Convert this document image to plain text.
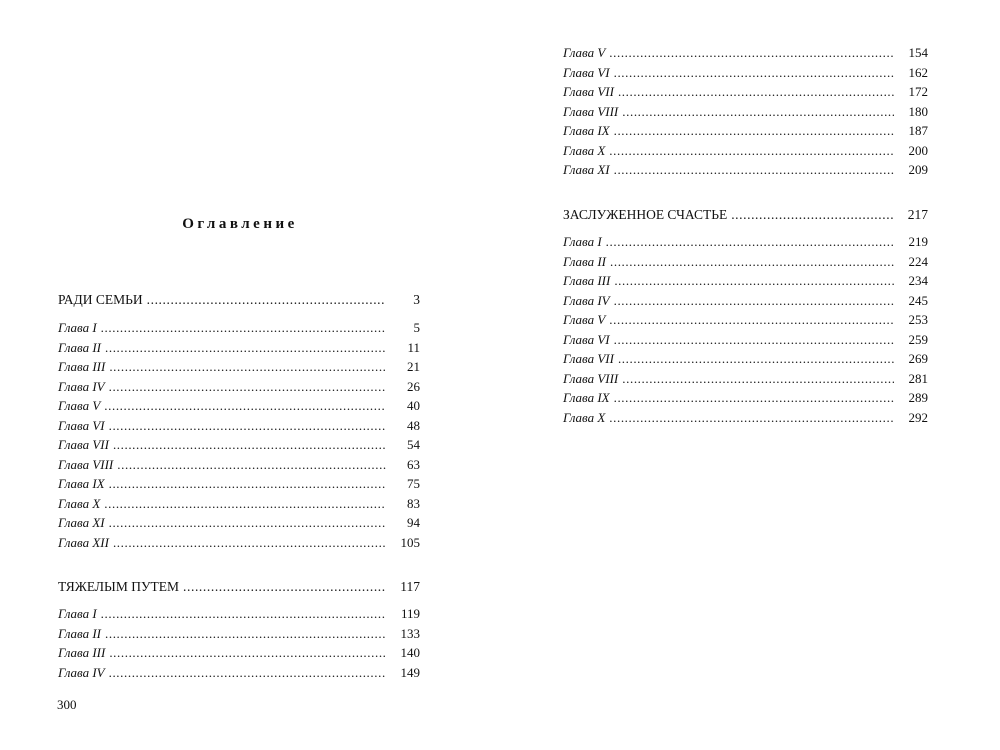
Оглавление
РАДИ СЕМЬИ .....	3
Глава I .....	5
Глава II .....	11
Глава III .....	21
Глава IV .....	26
Глава V .....	40
Глава VI .....	48
Глава VII .....	54
Глава VIII .....	63
Глава IX .....	75
Глава X .....	83
Глава XI .....	94
Глава XII .....	105
ТЯЖЕЛЫМ ПУТЕМ .....	117
Глава I .....	119
Глава II .....	133
Глава III .....	140
Глава IV .....	149
300
Глава V .....	154
Глава VI .....	162
Глава VII .....	172
Глава VIII .....	180
Глава IX .....	187
Глава X .....	200
Глава XI .....	209
ЗАСЛУЖЕННОЕ СЧАСТЬЕ .....	217
Глава I .....	219
Глава II .....	224
Глава III .....	234
Глава IV .....	245
Глава V .....	253
Глава VI .....	259
Глава VII .....	269
Глава VIII .....	281
Глава IX .....	289
Глава X .....	292
